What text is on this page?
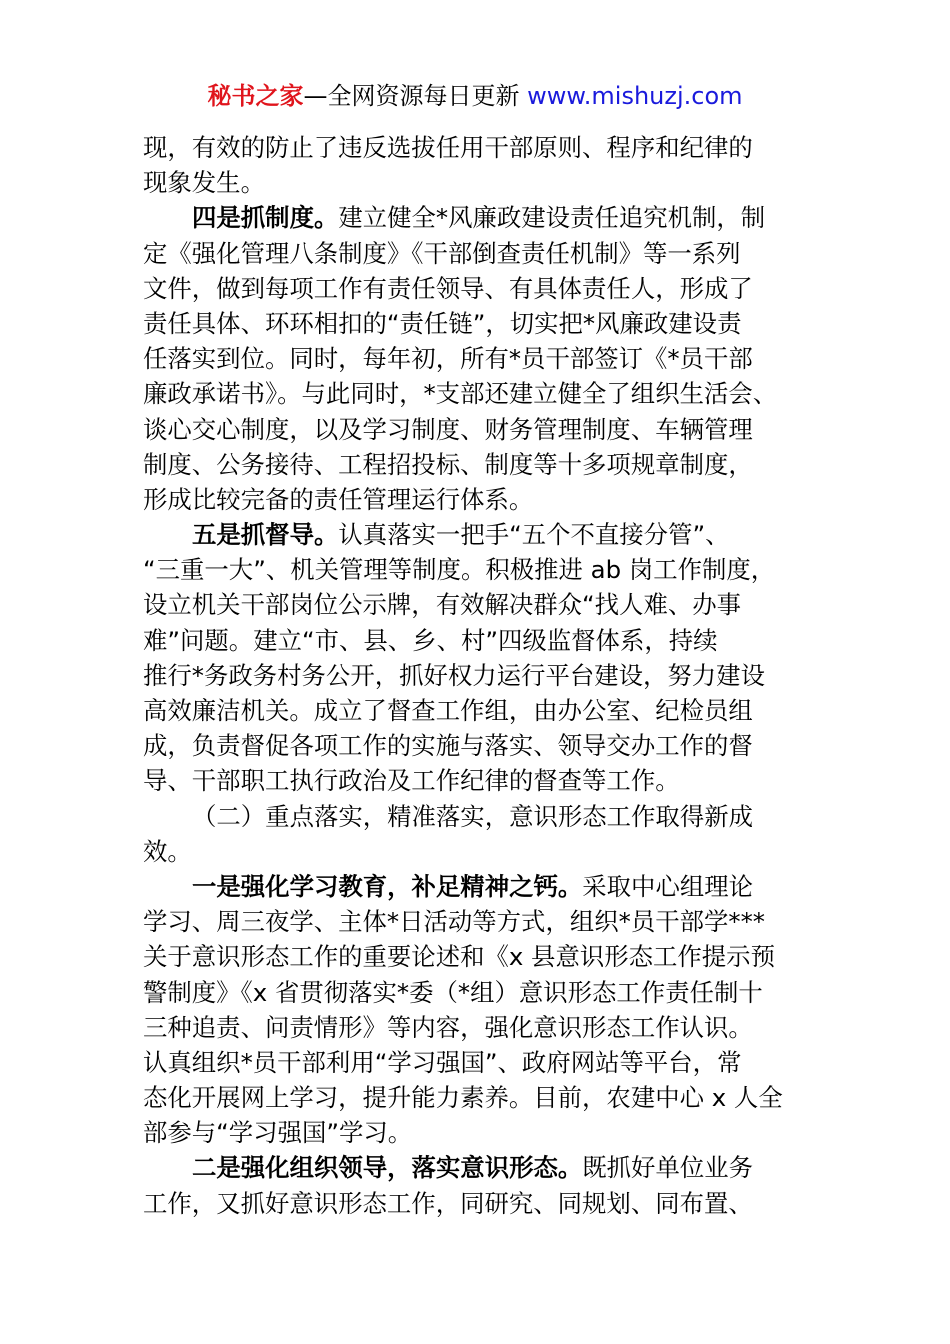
秘书之家—全网资源每日更新 www.mishuzj.com
现，有效的防止了违反选拔任用干部原则、程序和纪律的
现象发生。
四是抓制度。建立健全*风廉政建设责任追究机制，制
定《强化管理八条制度》《干部倒查责任机制》等一系列
文件，做到每项工作有责任领导、有具体责任人，形成了
责任具体、环环相扣的“责任链”，切实把*风廉政建设责
任落实到位。同时，每年初，所有*员干部签订《*员干部
廉政承诺书》。与此同时，*支部还建立健全了组织生活会、
谈心交心制度，以及学习制度、财务管理制度、车辆管理
制度、公务接待、工程招投标、制度等十多项规章制度，
形成比较完备的责任管理运行体系。
五是抓督导。认真落实一把手“五个不直接分管”、
“三重一大”、机关管理等制度。积极推进 ab 岗工作制度，
设立机关干部岗位公示牌，有效解决群众“找人难、办事
难”问题。建立“市、县、乡、村”四级监督体系，持续
推行*务政务村务公开，抓好权力运行平台建设，努力建设
高效廉洁机关。成立了督查工作组，由办公室、纪检员组
成，负责督促各项工作的实施与落实、领导交办工作的督
导、干部职工执行政治及工作纪律的督查等工作。
（二）重点落实，精准落实，意识形态工作取得新成
效。
一是强化学习教育，补足精神之钙。采取中心组理论
学习、周三夜学、主体*日活动等方式，组织*员干部学***
关于意识形态工作的重要论述和《x 县意识形态工作提示预
警制度》《x 省贯彻落实*委（*组）意识形态工作责任制十
三种追责、问责情形》等内容，强化意识形态工作认识。
认真组织*员干部利用“学习强国”、政府网站等平台，常
态化开展网上学习，提升能力素养。目前，农建中心 x 人全
部参与“学习强国”学习。
二是强化组织领导，落实意识形态。既抓好单位业务
工作，又抓好意识形态工作，同研究、同规划、同布置、
